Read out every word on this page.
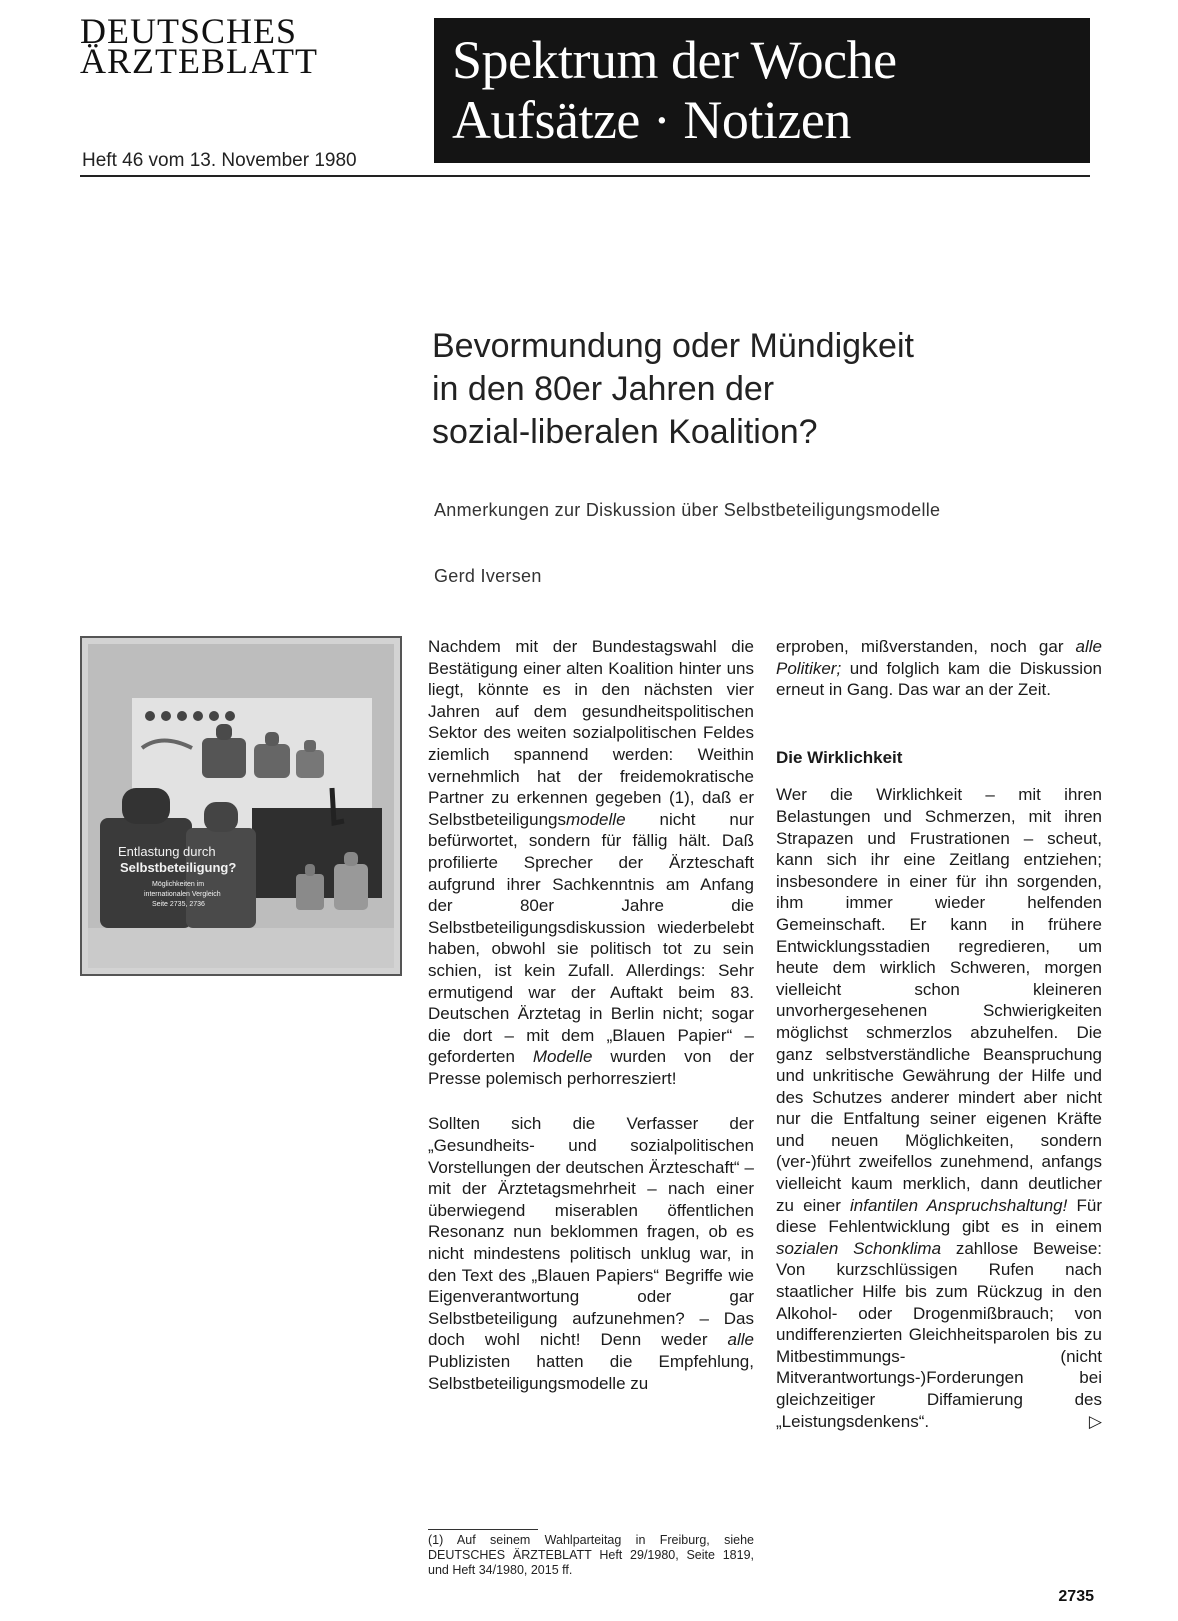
DEUTSCHES
ÄRZTEBLATT
Heft 46 vom 13. November 1980
Spektrum der Woche
Aufsätze · Notizen
Bevormundung oder Mündigkeit
in den 80er Jahren der
sozial-liberalen Koalition?
Anmerkungen zur Diskussion über Selbstbeteiligungsmodelle
Gerd Iversen
Entlastung durch
Selbstbeteiligung?
Möglichkeiten im
internationalen Vergleich
Seite 2735, 2736

Nachdem mit der Bundestagswahl die Bestätigung einer alten Koalition hinter uns liegt, könnte es in den nächsten vier Jahren auf dem gesundheitspolitischen Sektor des weiten sozialpolitischen Feldes ziemlich spannend werden: Weithin vernehmlich hat der freidemokratische Partner zu erkennen gegeben (1), daß er Selbstbeteiligungsmodelle nicht nur befürwortet, sondern für fällig hält. Daß profilierte Sprecher der Ärzteschaft aufgrund ihrer Sachkenntnis am Anfang der 80er Jahre die Selbstbeteiligungsdiskussion wiederbelebt haben, obwohl sie politisch tot zu sein schien, ist kein Zufall. Allerdings: Sehr ermutigend war der Auftakt beim 83. Deutschen Ärztetag in Berlin nicht; sogar die dort – mit dem „Blauen Papier“ – geforderten Modelle wurden von der Presse polemisch perhorresziert!

Sollten sich die Verfasser der „Gesundheits- und sozialpolitischen Vorstellungen der deutschen Ärzteschaft“ – mit der Ärztetagsmehrheit – nach einer überwiegend miserablen öffentlichen Resonanz nun beklommen fragen, ob es nicht mindestens politisch unklug war, in den Text des „Blauen Papiers“ Begriffe wie Eigenverantwortung oder gar Selbstbeteiligung aufzunehmen? – Das doch wohl nicht! Denn weder alle Publizisten hatten die Empfehlung, Selbstbeteiligungsmodelle zu

(1) Auf seinem Wahlparteitag in Freiburg, siehe DEUTSCHES ÄRZTEBLATT Heft 29/1980, Seite 1819, und Heft 34/1980, 2015 ff.

erproben, mißverstanden, noch gar alle Politiker; und folglich kam die Diskussion erneut in Gang. Das war an der Zeit.

Die Wirklichkeit

Wer die Wirklichkeit – mit ihren Belastungen und Schmerzen, mit ihren Strapazen und Frustrationen – scheut, kann sich ihr eine Zeitlang entziehen; insbesondere in einer für ihn sorgenden, ihm immer wieder helfenden Gemeinschaft. Er kann in frühere Entwicklungsstadien regredieren, um heute dem wirklich Schweren, morgen vielleicht schon kleineren unvorhergesehenen Schwierigkeiten möglichst schmerzlos abzuhelfen. Die ganz selbstverständliche Beanspruchung und unkritische Gewährung der Hilfe und des Schutzes anderer mindert aber nicht nur die Entfaltung seiner eigenen Kräfte und neuen Möglichkeiten, sondern (ver-)führt zweifellos zunehmend, anfangs vielleicht kaum merklich, dann deutlicher zu einer infantilen Anspruchshaltung! Für diese Fehlentwicklung gibt es in einem sozialen Schonklima zahllose Beweise: Von kurzschlüssigen Rufen nach staatlicher Hilfe bis zum Rückzug in den Alkohol- oder Drogenmißbrauch; von undifferenzierten Gleichheitsparolen bis zu Mitbestimmungs- (nicht Mitverantwortungs-)Forderungen bei gleichzeitiger Diffamierung des „Leistungsdenkens“.	▷

2735
